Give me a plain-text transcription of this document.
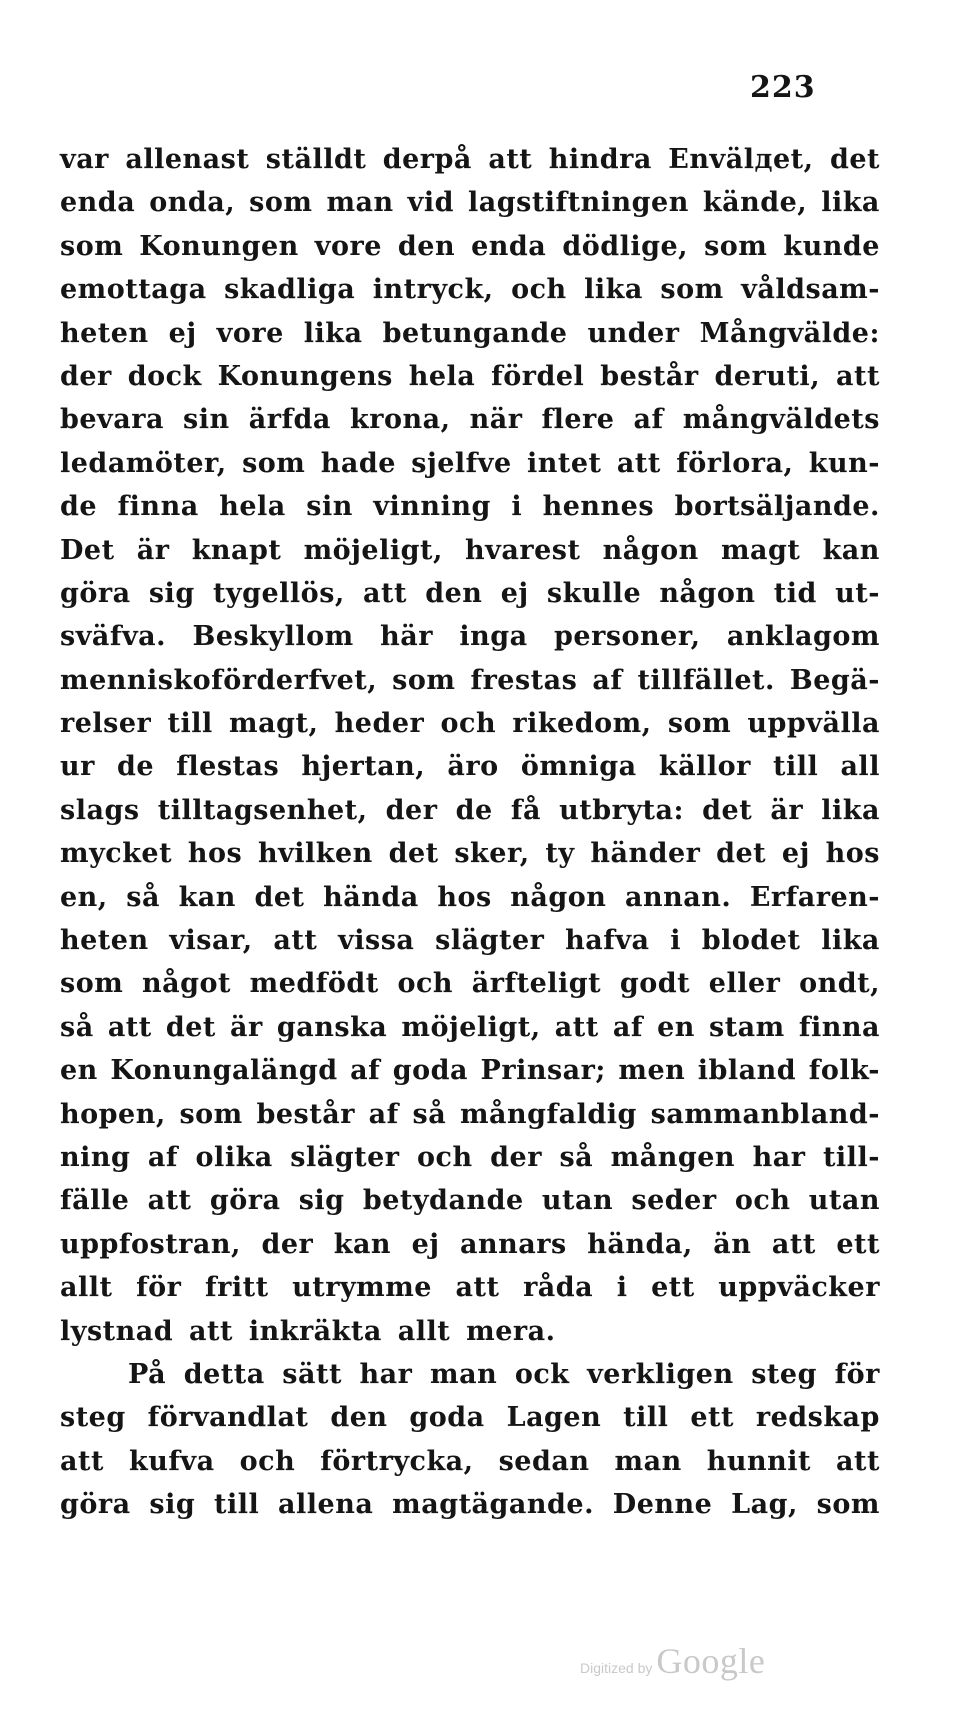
223
var allenast ställdt derpå att hindra Envälдet, det
enda onda, som man vid lagstiftningen kände, lika
som Konungen vore den enda dödlige, som kunde
emottaga skadliga intryck, och lika som våldsam-
heten ej vore lika betungande under Mångvälde:
der dock Konungens hela fördel består deruti, att
bevara sin ärfda krona, när flere af mångväldets
ledamöter, som hade sjelfve intet att förlora, kun-
de finna hela sin vinning i hennes bortsäljande.
Det är knapt möjeligt, hvarest någon magt kan
göra sig tygellös, att den ej skulle någon tid ut-
sväfva. Beskyllom här inga personer, anklagom
menniskoförderfvet, som frestas af tillfället. Begä-
relser till magt, heder och rikedom, som uppvälla
ur de flestas hjertan, äro ömniga källor till all
slags tilltagsenhet, der de få utbryta: det är lika
mycket hos hvilken det sker, ty händer det ej hos
en, så kan det hända hos någon annan. Erfaren-
heten visar, att vissa slägter hafva i blodet lika
som något medfödt och ärfteligt godt eller ondt,
så att det är ganska möjeligt, att af en stam finna
en Konungalängd af goda Prinsar; men ibland folk-
hopen, som består af så mångfaldig sammanbland-
ning af olika slägter och der så mången har till-
fälle att göra sig betydande utan seder och utan
uppfostran, der kan ej annars hända, än att ett
allt för fritt utrymme att råda i ett uppväcker
lystnad att inkräkta allt mera.
På detta sätt har man ock verkligen steg för
steg förvandlat den goda Lagen till ett redskap
att kufva och förtrycka, sedan man hunnit att
göra sig till allena magtägande. Denne Lag, som
Digitized by Google
